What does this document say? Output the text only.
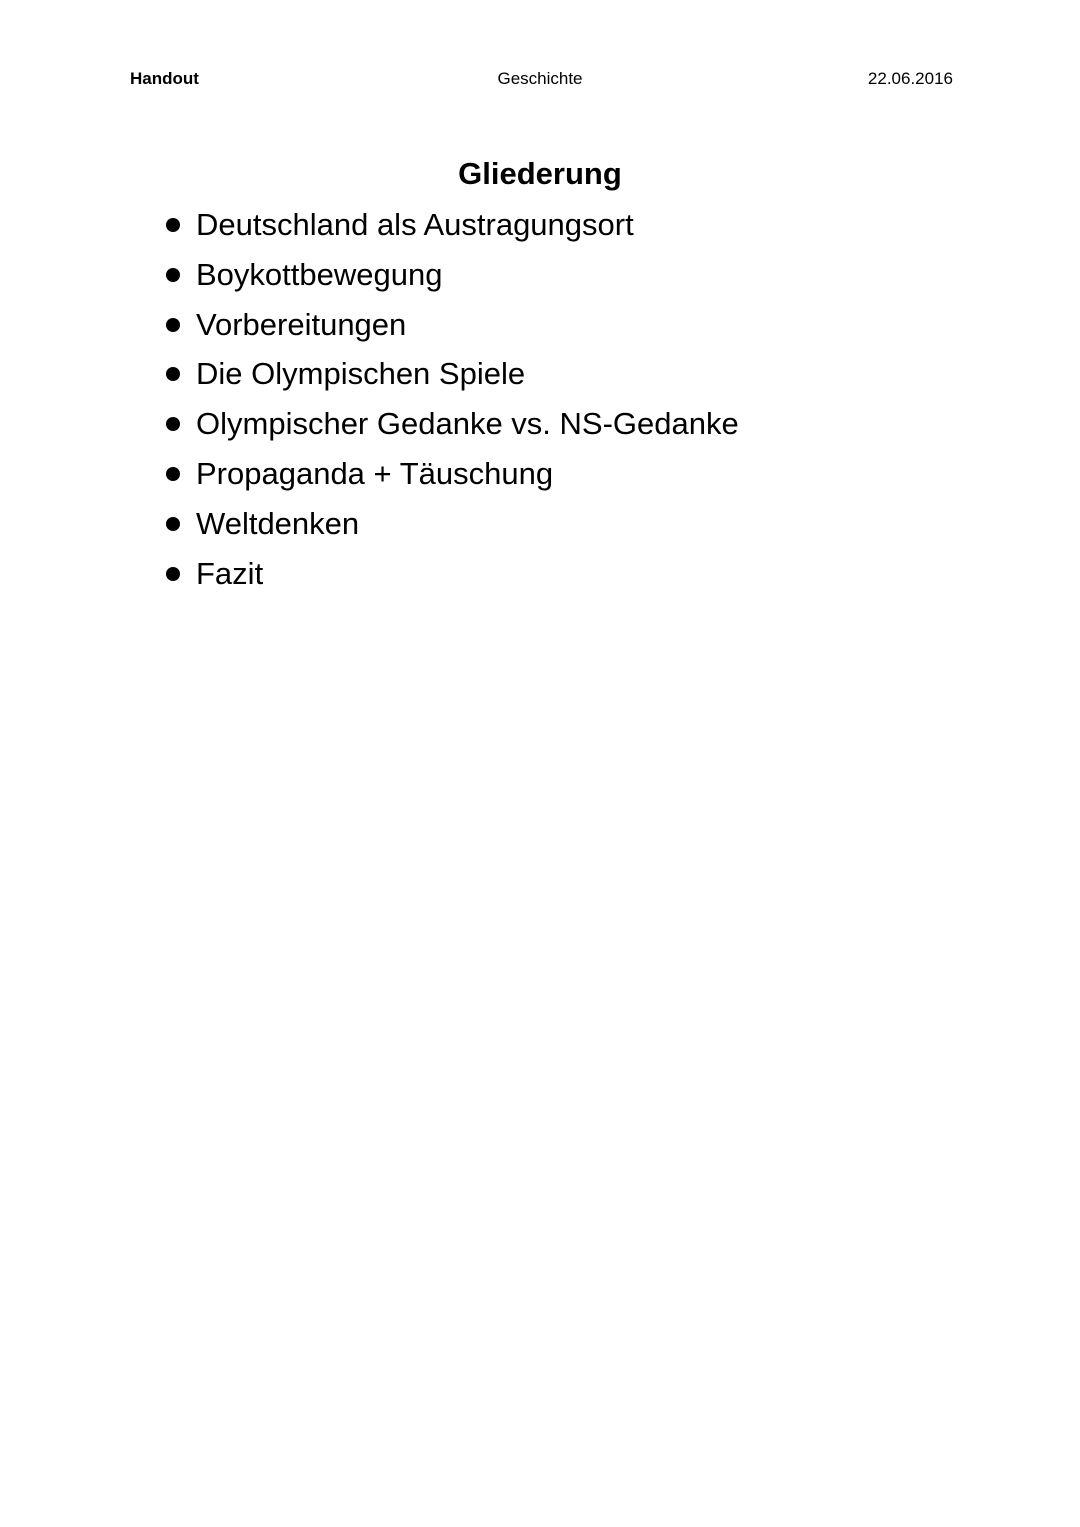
Handout	Geschichte	22.06.2016
Gliederung
Deutschland als Austragungsort
Boykottbewegung
Vorbereitungen
Die Olympischen Spiele
Olympischer Gedanke vs. NS-Gedanke
Propaganda + Täuschung
Weltdenken
Fazit
